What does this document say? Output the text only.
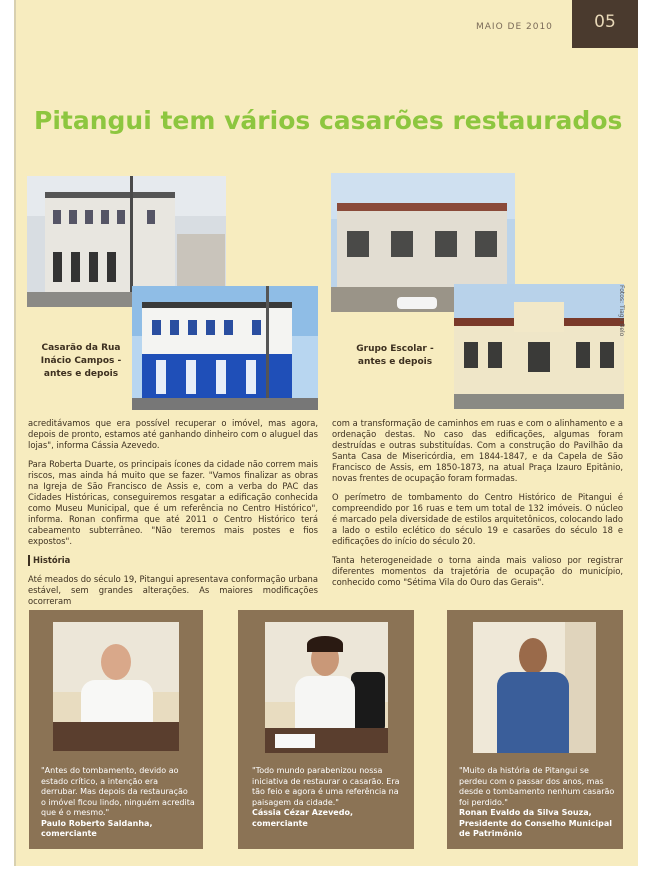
MAIO DE 2010	05
Pitangui tem vários casarões restaurados
Casarão da Rua
Inácio Campos -
antes e depois
Fotos: Tiago Belo
Grupo Escolar -
antes e depois

acreditávamos que era possível recuperar o imóvel, mas agora, depois de pronto, estamos até ganhando dinheiro com o aluguel das lojas", informa Cássia Azevedo.

Para Roberta Duarte, os principais ícones da cidade não correm mais riscos, mas ainda há muito que se fazer. "Vamos finalizar as obras na Igreja de São Francisco de Assis e, com a verba do PAC das Cidades Históricas, conseguiremos resgatar a edificação conhecida como Museu Municipal, que é um referência no Centro Histórico", informa. Ronan confirma que até 2011 o Centro Histórico terá cabeamento subterrâneo. "Não teremos mais postes e fios expostos".

História

Até meados do século 19, Pitangui apresentava conformação urbana estável, sem grandes alterações. As maiores modificações ocorreram

com a transformação de caminhos em ruas e com o alinhamento e a ordenação destas. No caso das edificações, algumas foram destruídas e outras substituídas. Com a construção do Pavilhão da Santa Casa de Misericórdia, em 1844-1847, e da Capela de São Francisco de Assis, em 1850-1873, na atual Praça Izauro Epitânio, novas frentes de ocupação foram formadas.

O perímetro de tombamento do Centro Histórico de Pitangui é compreendido por 16 ruas e tem um total de 132 imóveis. O núcleo é marcado pela diversidade de estilos arquitetônicos, colocando lado a lado o estilo eclético do século 19 e casarões do século 18 e edificações do início do século 20.

Tanta heterogeneidade o torna ainda mais valioso por registrar diferentes momentos da trajetória de ocupação do município, conhecido como "Sétima Vila do Ouro das Gerais".

"Antes do tombamento, devido ao estado crítico, a intenção era derrubar. Mas depois da restauração o imóvel ficou lindo, ninguém acredita que é o mesmo."
Paulo Roberto Saldanha,
comerciante
"Todo mundo parabenizou nossa iniciativa de restaurar o casarão. Era tão feio e agora é uma referência na paisagem da cidade."
Cássia Cézar Azevedo,
comerciante
"Muito da história de Pitangui se perdeu com o passar dos anos, mas desde o tombamento nenhum casarão foi perdido."
Ronan Evaldo da Silva Souza,
Presidente do Conselho Municipal de Patrimônio
